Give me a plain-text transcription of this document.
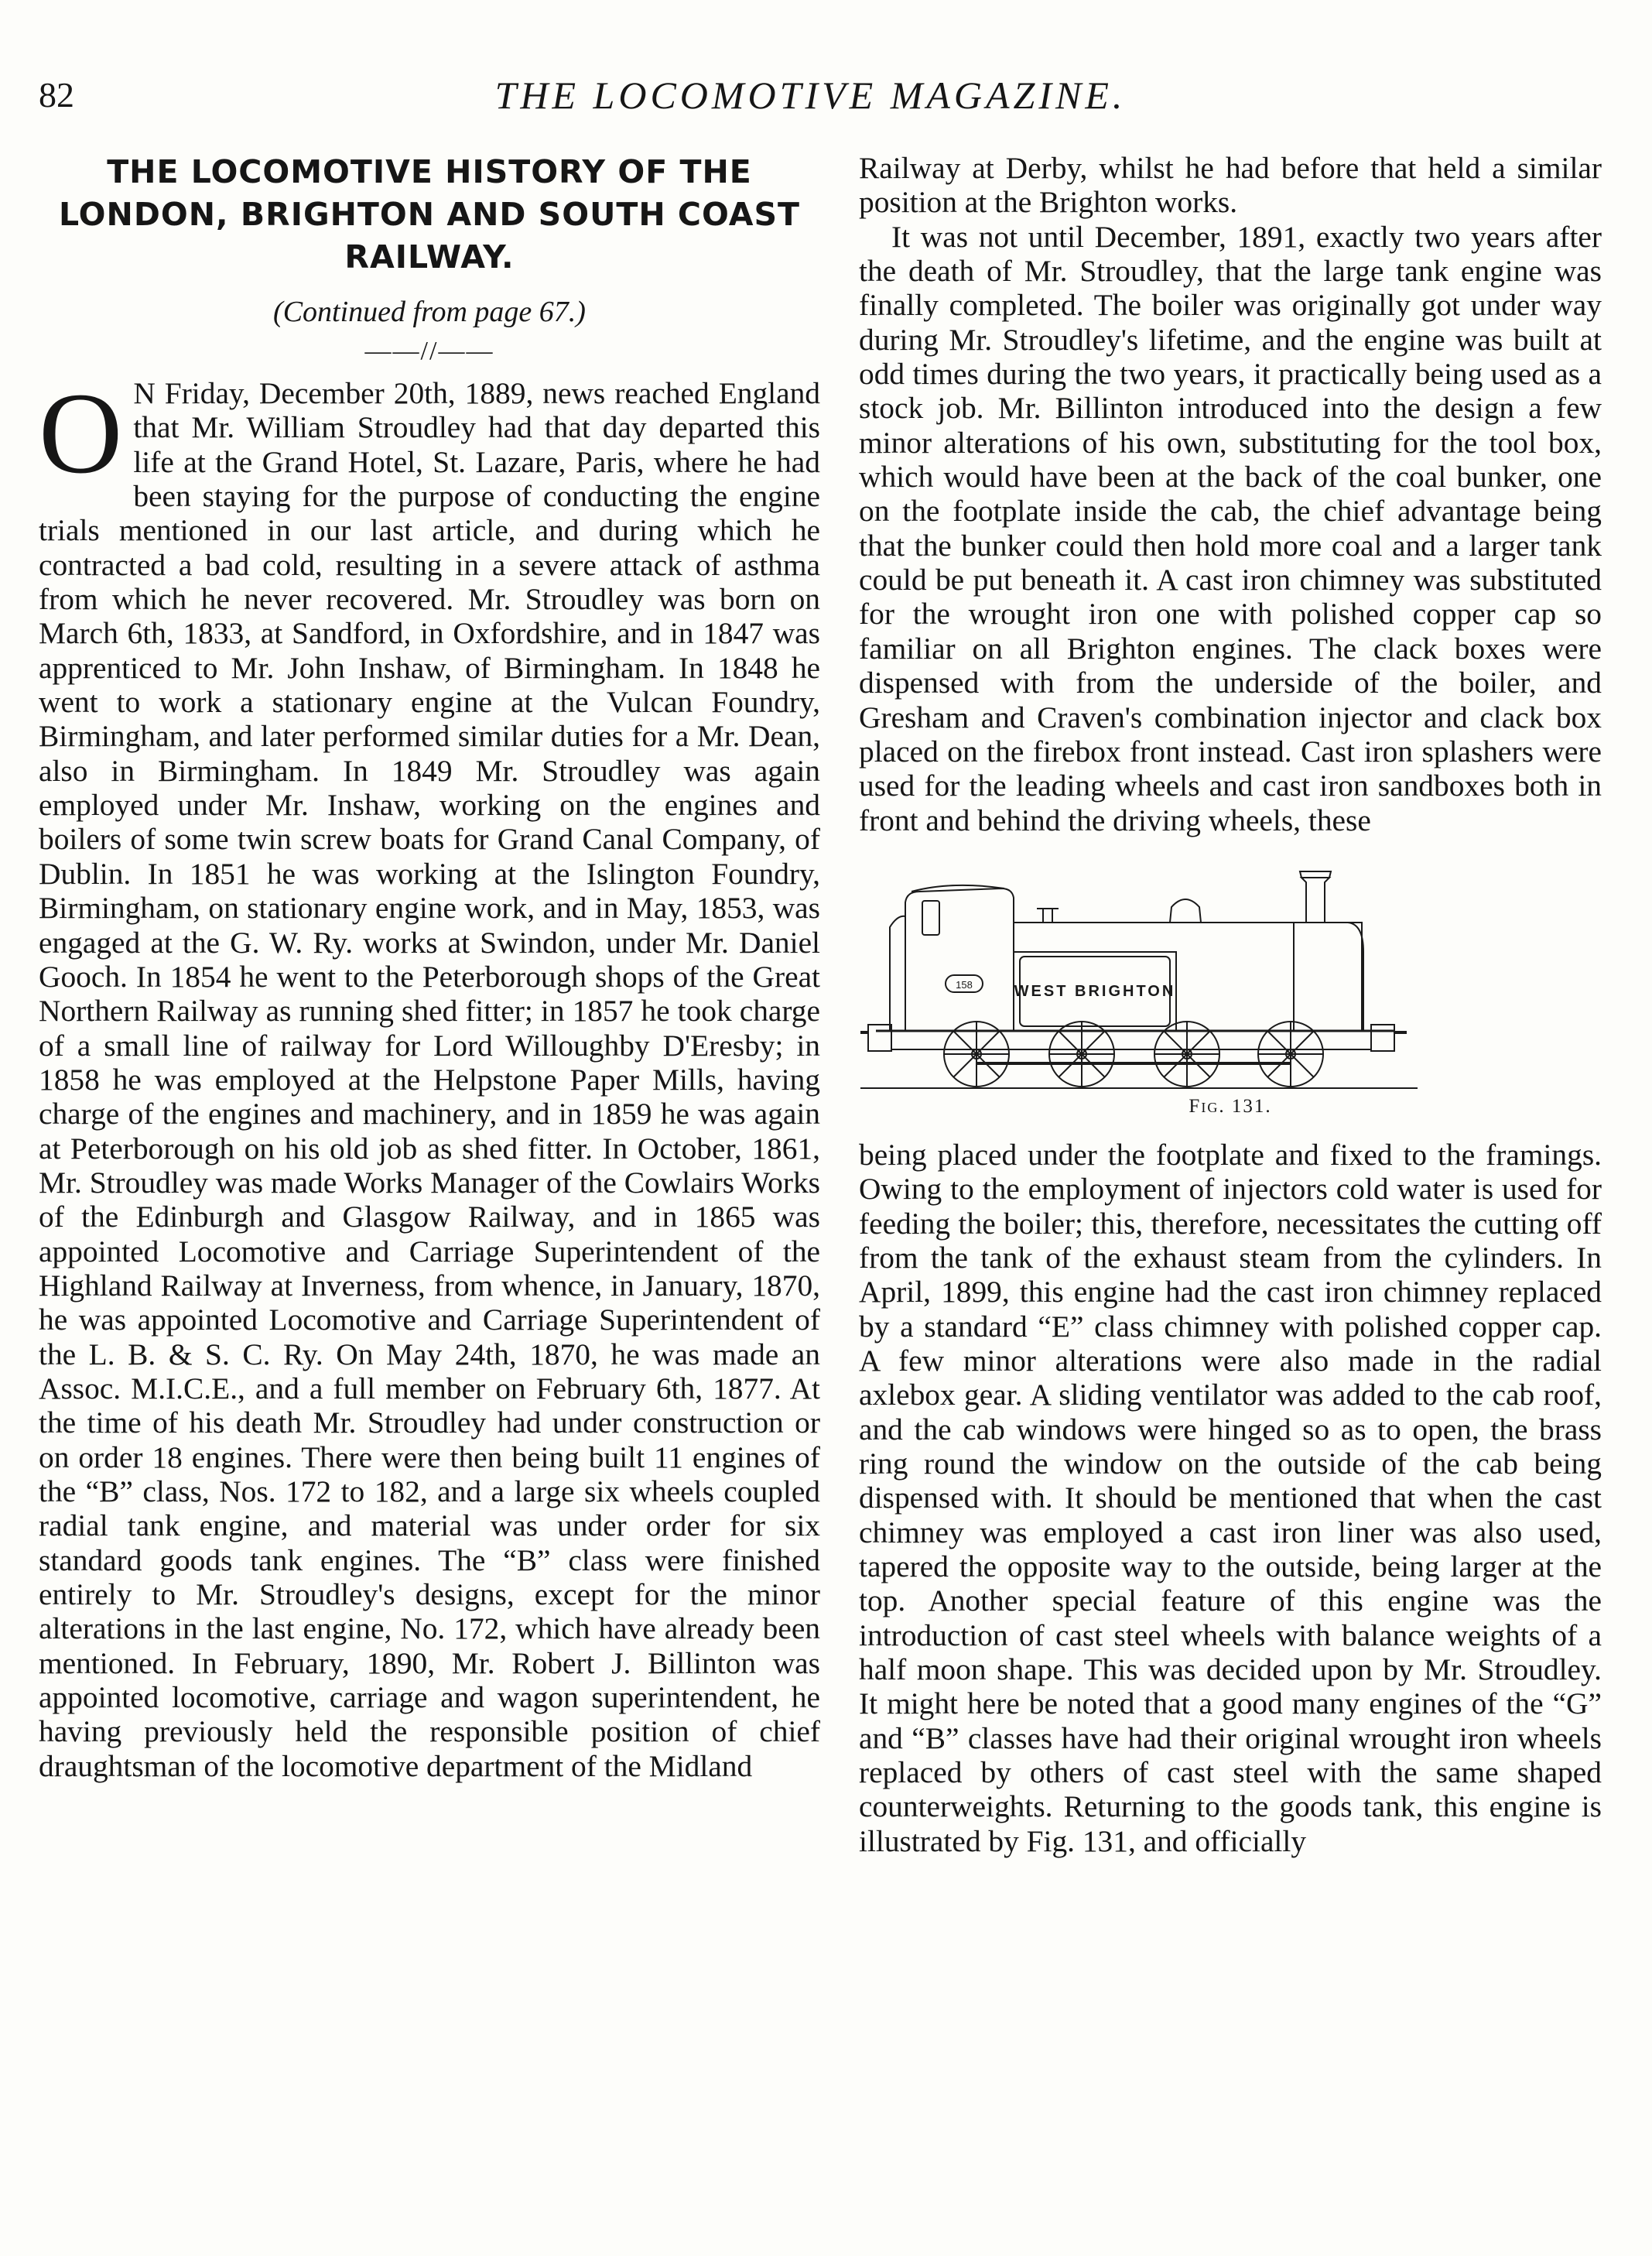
82	THE LOCOMOTIVE MAGAZINE.
THE LOCOMOTIVE HISTORY OF THE LONDON, BRIGHTON AND SOUTH COAST RAILWAY.
(Continued from page 67.)
——//——

O N Friday, December 20th, 1889, news reached England that Mr. William Stroudley had that day departed this life at the Grand Hotel, St. Lazare, Paris, where he had been staying for the purpose of conducting the engine trials mentioned in our last article, and during which he contracted a bad cold, resulting in a severe attack of asthma from which he never recovered. Mr. Stroudley was born on March 6th, 1833, at Sandford, in Oxfordshire, and in 1847 was apprenticed to Mr. John Inshaw, of Birmingham. In 1848 he went to work a stationary engine at the Vulcan Foundry, Birmingham, and later performed similar duties for a Mr. Dean, also in Birmingham. In 1849 Mr. Stroudley was again employed under Mr. Inshaw, working on the engines and boilers of some twin screw boats for Grand Canal Company, of Dublin. In 1851 he was working at the Islington Foundry, Birmingham, on stationary engine work, and in May, 1853, was engaged at the G. W. Ry. works at Swindon, under Mr. Daniel Gooch. In 1854 he went to the Peterborough shops of the Great Northern Railway as running shed fitter; in 1857 he took charge of a small line of railway for Lord Willoughby D'Eresby; in 1858 he was employed at the Helpstone Paper Mills, having charge of the engines and machinery, and in 1859 he was again at Peterborough on his old job as shed fitter. In October, 1861, Mr. Stroudley was made Works Manager of the Cowlairs Works of the Edinburgh and Glasgow Railway, and in 1865 was appointed Locomotive and Carriage Superintendent of the Highland Railway at Inverness, from whence, in January, 1870, he was appointed Locomotive and Carriage Superintendent of the L. B. & S. C. Ry. On May 24th, 1870, he was made an Assoc. M.I.C.E., and a full member on February 6th, 1877. At the time of his death Mr. Stroudley had under construction or on order 18 engines. There were then being built 11 engines of the “B” class, Nos. 172 to 182, and a large six wheels coupled radial tank engine, and material was under order for six standard goods tank engines. The “B” class were finished entirely to Mr. Stroudley's designs, except for the minor alterations in the last engine, No. 172, which have already been mentioned. In February, 1890, Mr. Robert J. Billinton was appointed locomotive, carriage and wagon superintendent, he having previously held the responsible position of chief draughtsman of the locomotive department of the Midland

Railway at Derby, whilst he had before that held a similar position at the Brighton works.

It was not until December, 1891, exactly two years after the death of Mr. Stroudley, that the large tank engine was finally completed. The boiler was originally got under way during Mr. Stroudley's lifetime, and the engine was built at odd times during the two years, it practically being used as a stock job. Mr. Billinton introduced into the design a few minor alterations of his own, substituting for the tool box, which would have been at the back of the coal bunker, one on the footplate inside the cab, the chief advantage being that the bunker could then hold more coal and a larger tank could be put beneath it. A cast iron chimney was substituted for the wrought iron one with polished copper cap so familiar on all Brighton engines. The clack boxes were dispensed with from the underside of the boiler, and Gresham and Craven's combination injector and clack box placed on the firebox front instead. Cast iron splashers were used for the leading wheels and cast iron sandboxes both in front and behind the driving wheels, these

WEST BRIGHTON
158
Fig. 131.

being placed under the footplate and fixed to the framings. Owing to the employment of injectors cold water is used for feeding the boiler; this, therefore, necessitates the cutting off from the tank of the exhaust steam from the cylinders. In April, 1899, this engine had the cast iron chimney replaced by a standard “E” class chimney with polished copper cap. A few minor alterations were also made in the radial axlebox gear. A sliding ventilator was added to the cab roof, and the cab windows were hinged so as to open, the brass ring round the window on the outside of the cab being dispensed with. It should be mentioned that when the cast chimney was employed a cast iron liner was also used, tapered the opposite way to the outside, being larger at the top. Another special feature of this engine was the introduction of cast steel wheels with balance weights of a half moon shape. This was decided upon by Mr. Stroudley. It might here be noted that a good many engines of the “G” and “B” classes have had their original wrought iron wheels replaced by others of cast steel with the same shaped counterweights. Returning to the goods tank, this engine is illustrated by Fig. 131, and officially
